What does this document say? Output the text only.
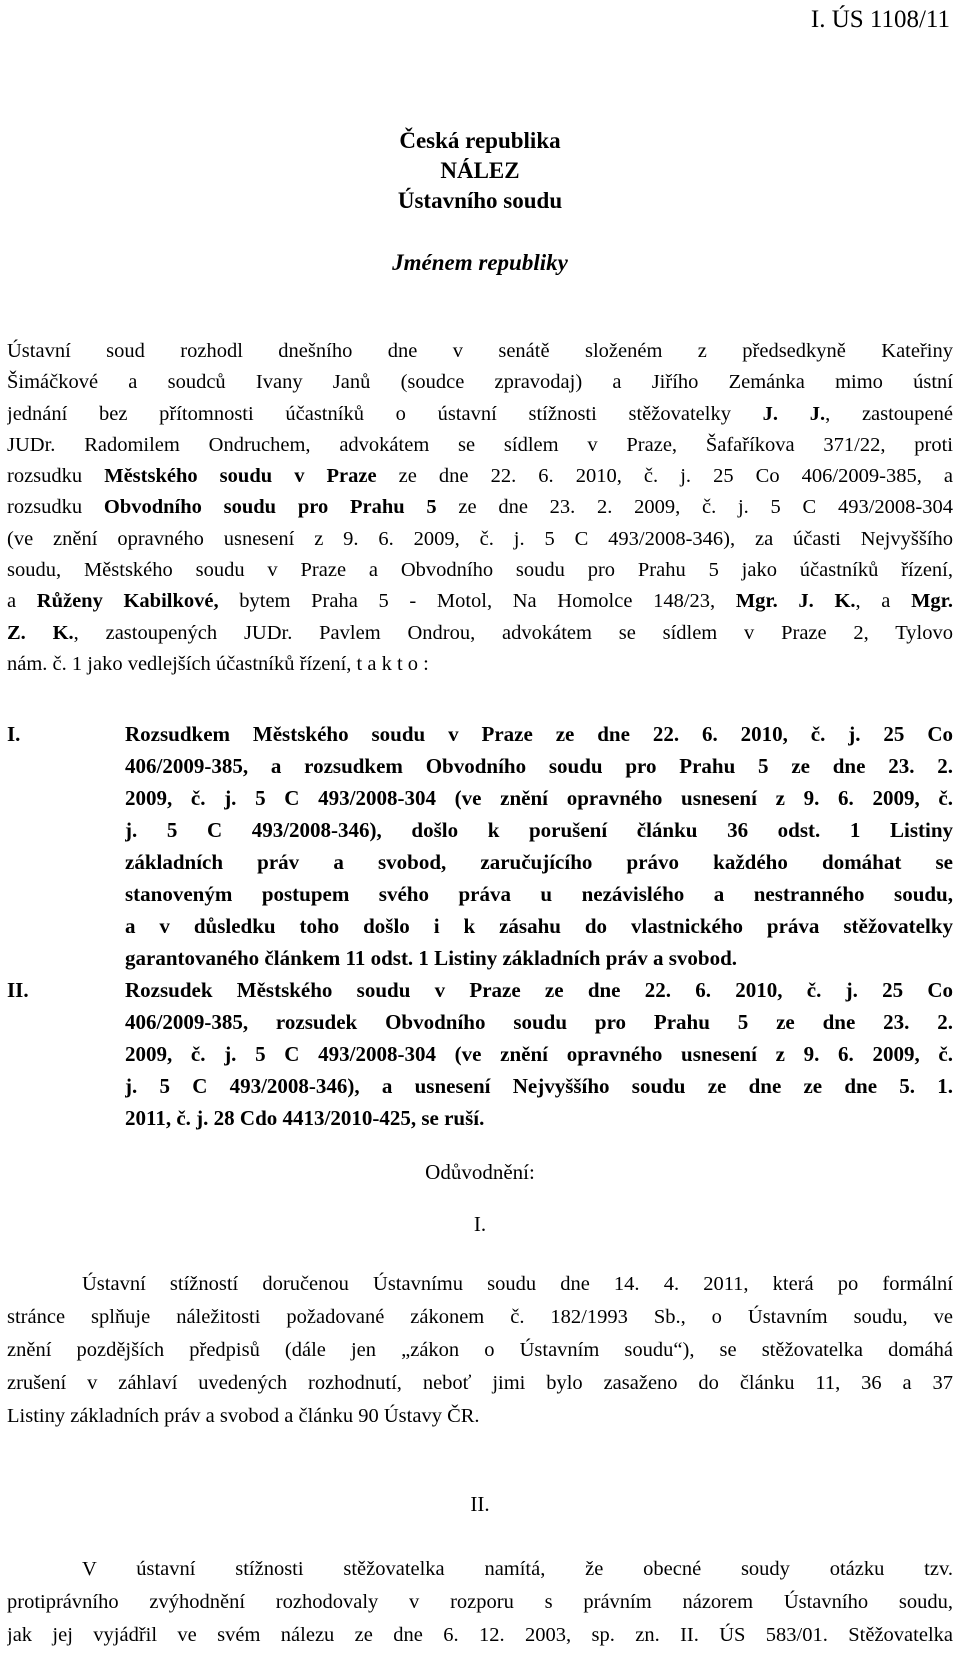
I. ÚS 1108/11
Česká republika
NÁLEZ
Ústavního soudu
Jménem republiky
Ústavní soud rozhodl dnešního dne v senátě složeném z předsedkyně Kateřiny
Šimáčkové a soudců Ivany Janů (soudce zpravodaj) a Jiřího Zemánka mimo ústní
jednání bez přítomnosti účastníků o ústavní stížnosti stěžovatelky J. J., zastoupené
JUDr. Radomilem Ondruchem, advokátem se sídlem v Praze, Šafaříkova 371/22, proti
rozsudku Městského soudu v Praze ze dne 22. 6. 2010, č. j. 25 Co 406/2009-385, a
rozsudku Obvodního soudu pro Prahu 5 ze dne 23. 2. 2009, č. j. 5 C 493/2008-304
(ve znění opravného usnesení z 9. 6. 2009, č. j. 5 C 493/2008-346), za účasti Nejvyššího
soudu, Městského soudu v Praze a Obvodního soudu pro Prahu 5 jako účastníků řízení,
a Růženy Kabilkové, bytem Praha 5 - Motol, Na Homolce 148/23, Mgr. J. K., a Mgr.
Z. K., zastoupených JUDr. Pavlem Ondrou, advokátem se sídlem v Praze 2, Tylovo
nám. č. 1 jako vedlejších účastníků řízení, t a k t o :
I.	Rozsudkem Městského soudu v Praze ze dne 22. 6. 2010, č. j. 25 Co
406/2009-385, a rozsudkem Obvodního soudu pro Prahu 5 ze dne 23. 2.
2009, č. j. 5 C 493/2008-304 (ve znění opravného usnesení z 9. 6. 2009, č.
j. 5 C 493/2008-346), došlo k porušení článku 36 odst. 1 Listiny
základních práv a svobod, zaručujícího právo každého domáhat se
stanoveným postupem svého práva u nezávislého a nestranného soudu,
a v důsledku toho došlo i k zásahu do vlastnického práva stěžovatelky
garantovaného článkem 11 odst. 1 Listiny základních práv a svobod.
II.	Rozsudek Městského soudu v Praze ze dne 22. 6. 2010, č. j. 25 Co
406/2009-385, rozsudek Obvodního soudu pro Prahu 5 ze dne 23. 2.
2009, č. j. 5 C 493/2008-304 (ve znění opravného usnesení z 9. 6. 2009, č.
j. 5 C 493/2008-346), a usnesení Nejvyššího soudu ze dne ze dne 5. 1.
2011, č. j. 28 Cdo 4413/2010-425, se ruší.
Odůvodnění:
I.
Ústavní stížností doručenou Ústavnímu soudu dne 14. 4. 2011, která po formální
stránce splňuje náležitosti požadované zákonem č. 182/1993 Sb., o Ústavním soudu, ve
znění pozdějších předpisů (dále jen „zákon o Ústavním soudu“), se stěžovatelka domáhá
zrušení v záhlaví uvedených rozhodnutí, neboť jimi bylo zasaženo do článku 11, 36 a 37
Listiny základních práv a svobod a článku 90 Ústavy ČR.
II.
V ústavní stížnosti stěžovatelka namítá, že obecné soudy otázku tzv.
protiprávního zvýhodnění rozhodovaly v rozporu s právním názorem Ústavního soudu,
jak jej vyjádřil ve svém nálezu ze dne 6. 12. 2003, sp. zn. II. ÚS 583/01. Stěžovatelka
